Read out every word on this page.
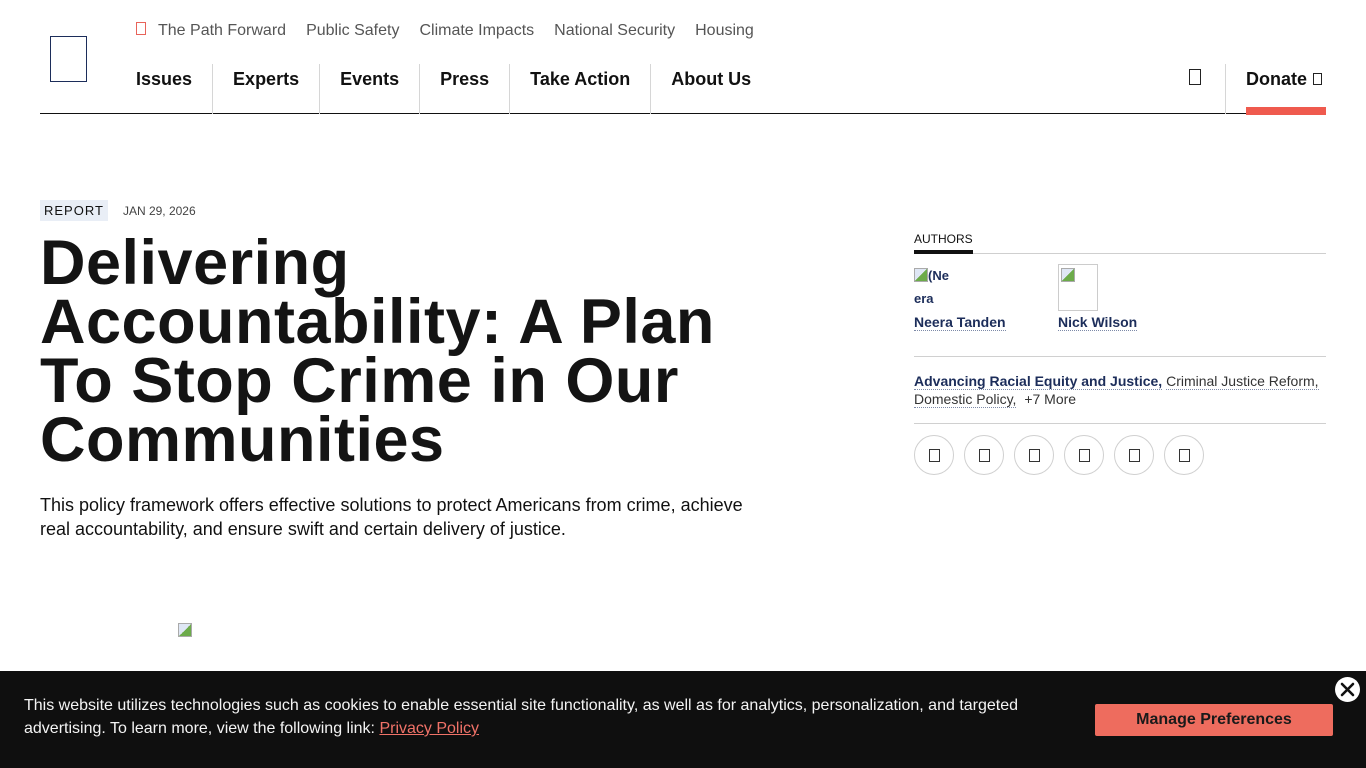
The Path Forward Public Safety Climate Impacts National Security Housing
Issues	Experts	Events	Press	Take Action	About Us	Donate
REPORT	JAN 29, 2026
Delivering Accountability: A Plan To Stop Crime in Our Communities

This policy framework offers effective solutions to protect Americans from crime, achieve real accountability, and ensure swift and certain delivery of justice.

AUTHORS
(Ne
era
Neera Tanden	Nick Wilson
Advancing Racial Equity and Justice, Criminal Justice Reform, Domestic Policy, +7 More

This website utilizes technologies such as cookies to enable essential site functionality, as well as for analytics, personalization, and targeted advertising. To learn more, view the following link: Privacy Policy

Manage Preferences
